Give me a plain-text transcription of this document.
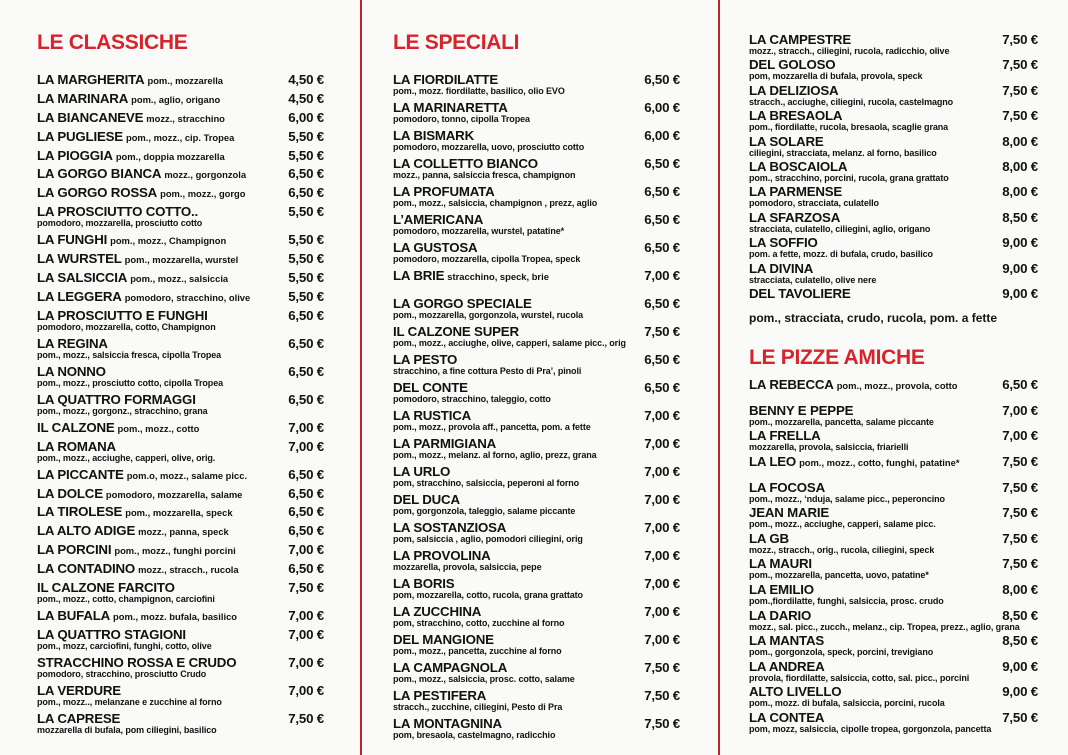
LE CLASSICHE
LA MARGHERITA pom., mozzarella	4,50 €
LA MARINARA pom., aglio, origano	4,50 €
LA BIANCANEVE mozz., stracchino	6,00 €
LA PUGLIESE pom., mozz., cip. Tropea	5,50 €
LA PIOGGIA pom., doppia mozzarella	5,50 €
LA GORGO BIANCA mozz., gorgonzola	6,50 €
LA GORGO ROSSA pom., mozz., gorgo	6,50 €
LA PROSCIUTTO COTTO..
pomodoro, mozzarella, prosciutto cotto
5,50 €
LA FUNGHI pom., mozz., Champignon	5,50 €
LA WURSTEL pom., mozzarella, wurstel	5,50 €
LA SALSICCIA pom., mozz., salsiccia	5,50 €
LA LEGGERA pomodoro, stracchino, olive	5,50 €
LA PROSCIUTTO E FUNGHI
pomodoro, mozzarella, cotto, Champignon
6,50 €
LA REGINA
pom., mozz., salsiccia fresca, cipolla Tropea
6,50 €
LA NONNO
pom., mozz., prosciutto cotto, cipolla Tropea
6,50 €
LA QUATTRO FORMAGGI
pom., mozz., gorgonz., stracchino, grana
6,50 €
IL CALZONE pom., mozz., cotto	7,00 €
LA ROMANA
pom., mozz., acciughe, capperi, olive, orig.
7,00 €
LA PICCANTE pom.o, mozz., salame picc.	6,50 €
LA DOLCE pomodoro, mozzarella, salame	6,50 €
LA TIROLESE pom., mozzarella, speck	6,50 €
LA ALTO ADIGE mozz., panna, speck	6,50 €
LA PORCINI pom., mozz., funghi porcini	7,00 €
LA CONTADINO mozz., stracch., rucola	6,50 €
IL CALZONE FARCITO
pom., mozz., cotto, champignon, carciofini
7,50 €
LA BUFALA pom., mozz. bufala, basilico	7,00 €
LA QUATTRO STAGIONI
pom., mozz, carciofini, funghi, cotto, olive
7,00 €
STRACCHINO ROSSA E CRUDO
pomodoro, stracchino, prosciutto Crudo
7,00 €
LA VERDURE
pom., mozz.., melanzane e zucchine al forno
7,00 €
LA CAPRESE
mozzarella di bufala, pom ciliegini, basilico
7,50 €
LE SPECIALI
LA FIORDILATTE
pom., mozz. fiordilatte, basilico, olio EVO
6,50 €
LA MARINARETTA
pomodoro, tonno, cipolla Tropea
6,00 €
LA BISMARK
pomodoro, mozzarella, uovo, prosciutto cotto
6,00 €
LA COLLETTO BIANCO
mozz., panna, salsiccia fresca, champignon
6,50 €
LA PROFUMATA
pom., mozz., salsiccia, champignon , prezz, aglio
6,50 €
L’AMERICANA
pomodoro, mozzarella, wurstel, patatine*
6,50 €
LA GUSTOSA
pomodoro, mozzarella, cipolla Tropea, speck
6,50 €
LA BRIE stracchino, speck, brie	7,00 €
LA GORGO SPECIALE
pom., mozzarella, gorgonzola, wurstel, rucola
6,50 €
IL CALZONE SUPER
pom., mozz., acciughe, olive, capperi, salame picc., orig
7,50 €
LA PESTO
stracchino, a fine cottura Pesto di Pra’, pinoli
6,50 €
DEL CONTE
pomodoro, stracchino, taleggio, cotto
6,50 €
LA RUSTICA
pom., mozz., provola aff., pancetta, pom. a fette
7,00 €
LA PARMIGIANA
pom., mozz., melanz. al forno, aglio, prezz, grana
7,00 €
LA URLO
pom, stracchino, salsiccia, peperoni al forno
7,00 €
DEL DUCA
pom, gorgonzola, taleggio, salame piccante
7,00 €
LA SOSTANZIOSA
pom, salsiccia , aglio, pomodori ciliegini, orig
7,00 €
LA PROVOLINA
mozzarella, provola, salsiccia, pepe
7,00 €
LA BORIS
pom, mozzarella, cotto, rucola, grana grattato
7,00 €
LA ZUCCHINA
pom, stracchino, cotto, zucchine al forno
7,00 €
DEL MANGIONE
pom., mozz., pancetta, zucchine al forno
7,00 €
LA CAMPAGNOLA
pom., mozz., salsiccia, prosc. cotto, salame
7,50 €
LA PESTIFERA
stracch., zucchine, ciliegini, Pesto di Pra
7,50 €
LA MONTAGNINA
pom, bresaola, castelmagno, radicchio
7,50 €
LA CAMPESTRE
mozz., stracch., ciliegini, rucola, radicchio, olive
7,50 €
DEL GOLOSO
pom, mozzarella di bufala, provola, speck
7,50 €
LA DELIZIOSA
stracch., acciughe, ciliegini, rucola, castelmagno
7,50 €
LA BRESAOLA
pom., fiordilatte, rucola, bresaola, scaglie grana
7,50 €
LA SOLARE
ciliegini, stracciata, melanz. al forno, basilico
8,00 €
LA BOSCAIOLA
pom., stracchino, porcini, rucola, grana grattato
8,00 €
LA PARMENSE
pomodoro, stracciata, culatello
8,00 €
LA SFARZOSA
stracciata, culatello, ciliegini, aglio, origano
8,50 €
LA SOFFIO
pom. a fette, mozz. di bufala, crudo, basilico
9,00 €
LA DIVINA
stracciata, culatello, olive nere
9,00 €
DEL TAVOLIERE	9,00 €
pom., stracciata, crudo, rucola, pom. a fette
LE PIZZE AMICHE
LA REBECCA pom., mozz., provola, cotto	6,50 €
BENNY E PEPPE
pom., mozzarella, pancetta, salame piccante
7,00 €
LA FRELLA
mozzarella, provola, salsiccia, friarielli
7,00 €
LA LEO pom., mozz., cotto, funghi, patatine*	7,50 €
LA FOCOSA
pom., mozz., ‘nduja, salame picc., peperoncino
7,50 €
JEAN MARIE
pom., mozz., acciughe, capperi, salame picc.
7,50 €
LA GB
mozz., stracch., orig., rucola, ciliegini, speck
7,50 €
LA MAURI
pom., mozzarella, pancetta, uovo, patatine*
7,50 €
LA EMILIO
pom.,fiordilatte, funghi, salsiccia, prosc. crudo
8,00 €
LA DARIO
mozz., sal. picc., zucch., melanz., cip. Tropea, prezz., aglio, grana
8,50 €
LA MANTAS
pom., gorgonzola, speck, porcini, trevigiano
8,50 €
LA ANDREA
provola, fiordilatte, salsiccia, cotto, sal. picc., porcini
9,00 €
ALTO LIVELLO
pom., mozz. di bufala, salsiccia, porcini, rucola
9,00 €
LA CONTEA
pom, mozz, salsiccia, cipolle tropea, gorgonzola, pancetta
7,50 €
